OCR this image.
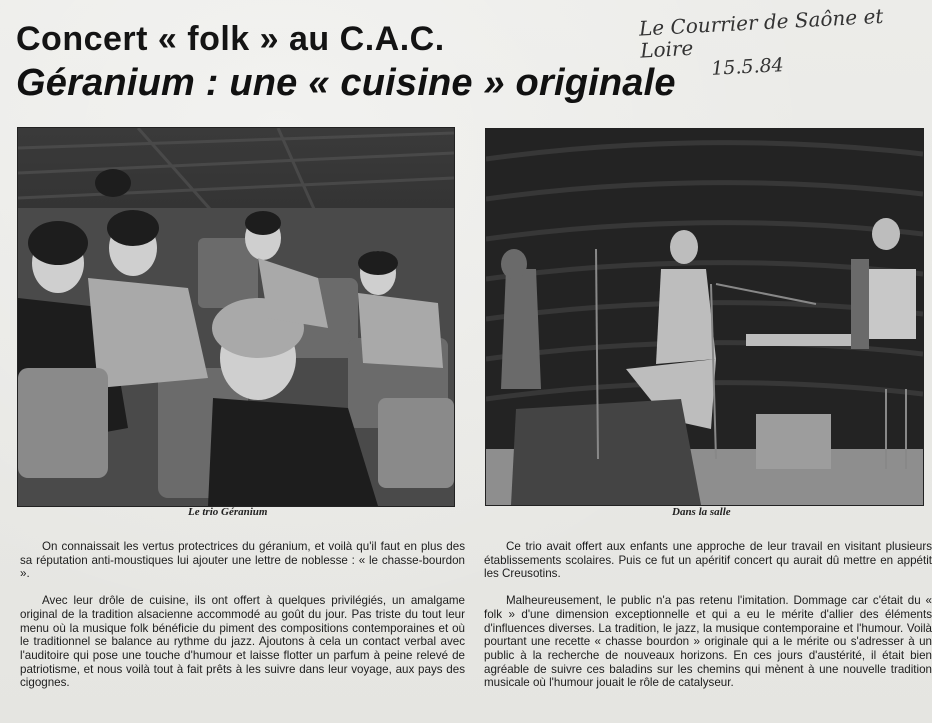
Concert « folk » au C.A.C.
Géranium : une « cuisine » originale
Le Courrier de Saône et Loire
15.5.84
Le trio Géranium	Dans la salle

On connaissait les vertus protectrices du géranium, et voilà qu'il faut en plus des sa réputation anti-moustiques lui ajouter une lettre de noblesse : « le chasse-bourdon ».

Avec leur drôle de cuisine, ils ont offert à quelques privilégiés, un amalgame original de la tradition alsacienne accommodé au goût du jour. Pas triste du tout leur menu où la musique folk bénéficie du piment des compositions contemporaines et où le traditionnel se balance au rythme du jazz. Ajoutons à cela un contact verbal avec l'auditoire qui pose une touche d'humour et laisse flotter un parfum à peine relevé de patriotisme, et nous voilà tout à fait prêts à les suivre dans leur voyage, aux pays des cigognes.

Ce trio avait offert aux enfants une approche de leur travail en visitant plusieurs établissements scolaires. Puis ce fut un apéritif concert qu aurait dû mettre en appétit les Creusotins.

Malheureusement, le public n'a pas retenu l'imitation. Dommage car c'était du « folk » d'une dimension exceptionnelle et qui a eu le mérite d'allier des éléments d'influences diverses. La tradition, le jazz, la musique contemporaine et l'humour. Voilà pourtant une recette « chasse bourdon » originale qui a le mérite ou s'adresser à un public à la recherche de nouveaux horizons. En ces jours d'austérité, il était bien agréable de suivre ces baladins sur les chemins qui mènent à une nouvelle tradition musicale où l'humour jouait le rôle de catalyseur.
